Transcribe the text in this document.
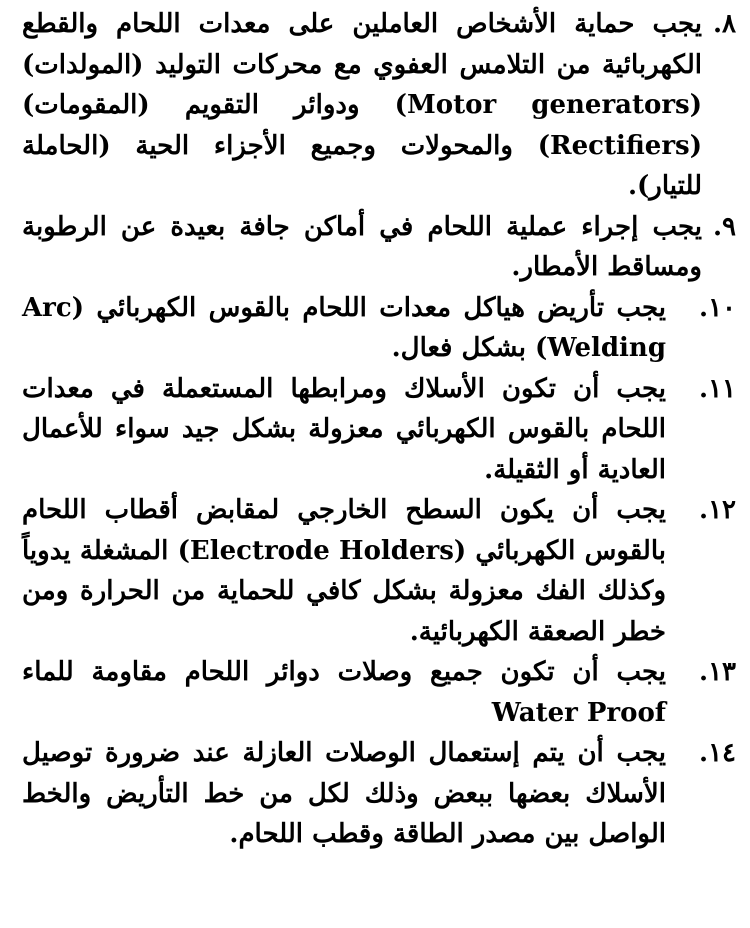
٨.
يجب حماية الأشخاص العاملين على معدات اللحام والقطع الكهربائية من التلامس العفوي مع محركات التوليد (المولدات) (Motor generators) ودوائر التقويم (المقومات) (Rectifiers) والمحولات وجميع الأجزاء الحية (الحاملة للتيار).
٩.
يجب إجراء عملية اللحام في أماكن جافة بعيدة عن الرطوبة ومساقط الأمطار.
١٠.
يجب تأريض هياكل معدات اللحام بالقوس الكهربائي (Arc Welding) بشكل فعال.
١١.
يجب أن تكون الأسلاك ومرابطها المستعملة في معدات اللحام بالقوس الكهربائي معزولة بشكل جيد سواء للأعمال العادية أو الثقيلة.
١٢.
يجب أن يكون السطح الخارجي لمقابض أقطاب اللحام بالقوس الكهربائي (Electrode Holders) المشغلة يدوياً وكذلك الفك معزولة بشكل كافي للحماية من الحرارة ومن خطر الصعقة الكهربائية.
١٣.
يجب أن تكون جميع وصلات دوائر اللحام مقاومة للماء Water Proof
١٤.
يجب أن يتم إستعمال الوصلات العازلة عند ضرورة توصيل الأسلاك بعضها ببعض وذلك لكل من خط التأريض والخط الواصل بين مصدر الطاقة وقطب اللحام.
